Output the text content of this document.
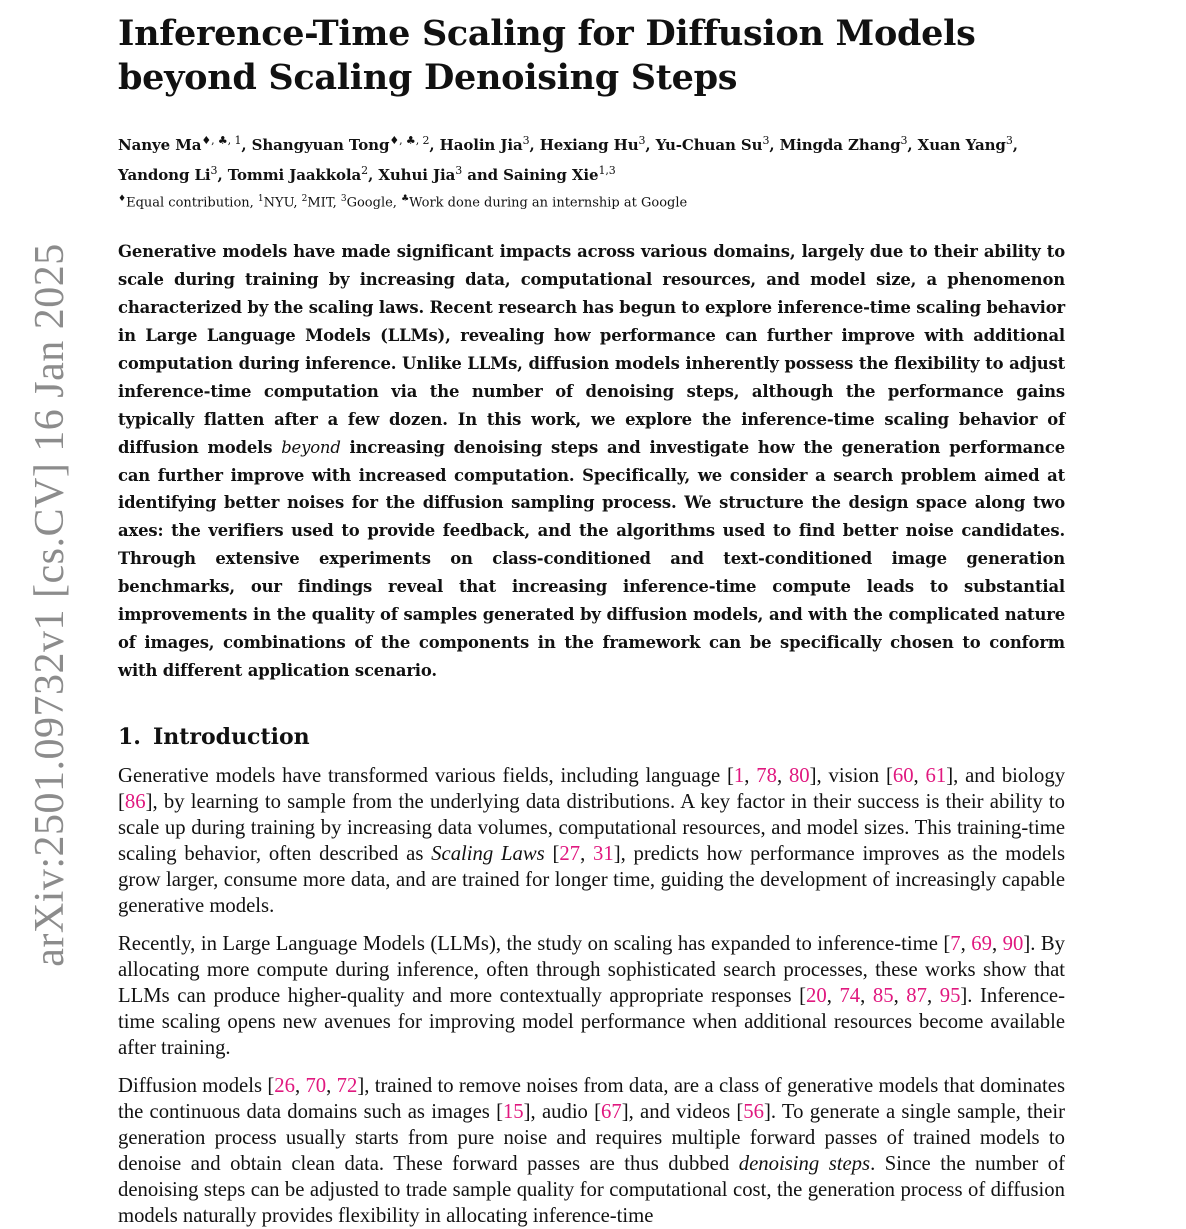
arXiv:2501.09732v1 [cs.CV] 16 Jan 2025
Inference-Time Scaling for Diffusion Models
beyond Scaling Denoising Steps
Nanye $Ma^{♦, ♣, 1}$, Shangyuan Tong$^{♦, ♣, 2}$, Haolin Jia$^3$, Hexiang Hu$^3$, Yu-Chuan Su$^3$, Mingda Zhang$^3$, Xuan Yang$^3$,
Yandong Li$^3$, Tommi Jaakkola$^2$, Xuhui Jia$^3$ and Saining Xie$^{1,3}$
♦Equal contribution, $^1$NYU, $^2$MIT, $^3$Google, ♣Work done during an internship at Google
Generative models have made significant impacts across various domains, largely due to their ability to scale during training by increasing data, computational resources, and model size, a phenomenon characterized by the scaling laws. Recent research has begun to explore inference-time scaling behavior in Large Language Models (LLMs), revealing how performance can further improve with additional computation during inference. Unlike LLMs, diffusion models inherently possess the flexibility to adjust inference-time computation via the number of denoising steps, although the performance gains typically flatten after a few dozen. In this work, we explore the inference-time scaling behavior of diffusion models beyond increasing denoising steps and investigate how the generation performance can further improve with increased computation. Specifically, we consider a search problem aimed at identifying better noises for the diffusion sampling process. We structure the design space along two axes: the verifiers used to provide feedback, and the algorithms used to find better noise candidates. Through extensive experiments on class-conditioned and text-conditioned image generation benchmarks, our findings reveal that increasing inference-time compute leads to substantial improvements in the quality of samples generated by diffusion models, and with the complicated nature of images, combinations of the components in the framework can be specifically chosen to conform with different application scenario.
1. Introduction

Generative models have transformed various fields, including language [1, 78, 80], vision [60, 61], and biology [86], by learning to sample from the underlying data distributions. A key factor in their success is their ability to scale up during training by increasing data volumes, computational resources, and model sizes. This training-time scaling behavior, often described as Scaling Laws [27, 31], predicts how performance improves as the models grow larger, consume more data, and are trained for longer time, guiding the development of increasingly capable generative models.

Recently, in Large Language Models (LLMs), the study on scaling has expanded to inference-time [7, 69, 90]. By allocating more compute during inference, often through sophisticated search processes, these works show that LLMs can produce higher-quality and more contextually appropriate responses [20, 74, 85, 87, 95]. Inference-time scaling opens new avenues for improving model performance when additional resources become available after training.

Diffusion models [26, 70, 72], trained to remove noises from data, are a class of generative models that dominates the continuous data domains such as images [15], audio [67], and videos [56]. To generate a single sample, their generation process usually starts from pure noise and requires multiple forward passes of trained models to denoise and obtain clean data. These forward passes are thus dubbed denoising steps. Since the number of denoising steps can be adjusted to trade sample quality for computational cost, the generation process of diffusion models naturally provides flexibility in allocating inference-time
